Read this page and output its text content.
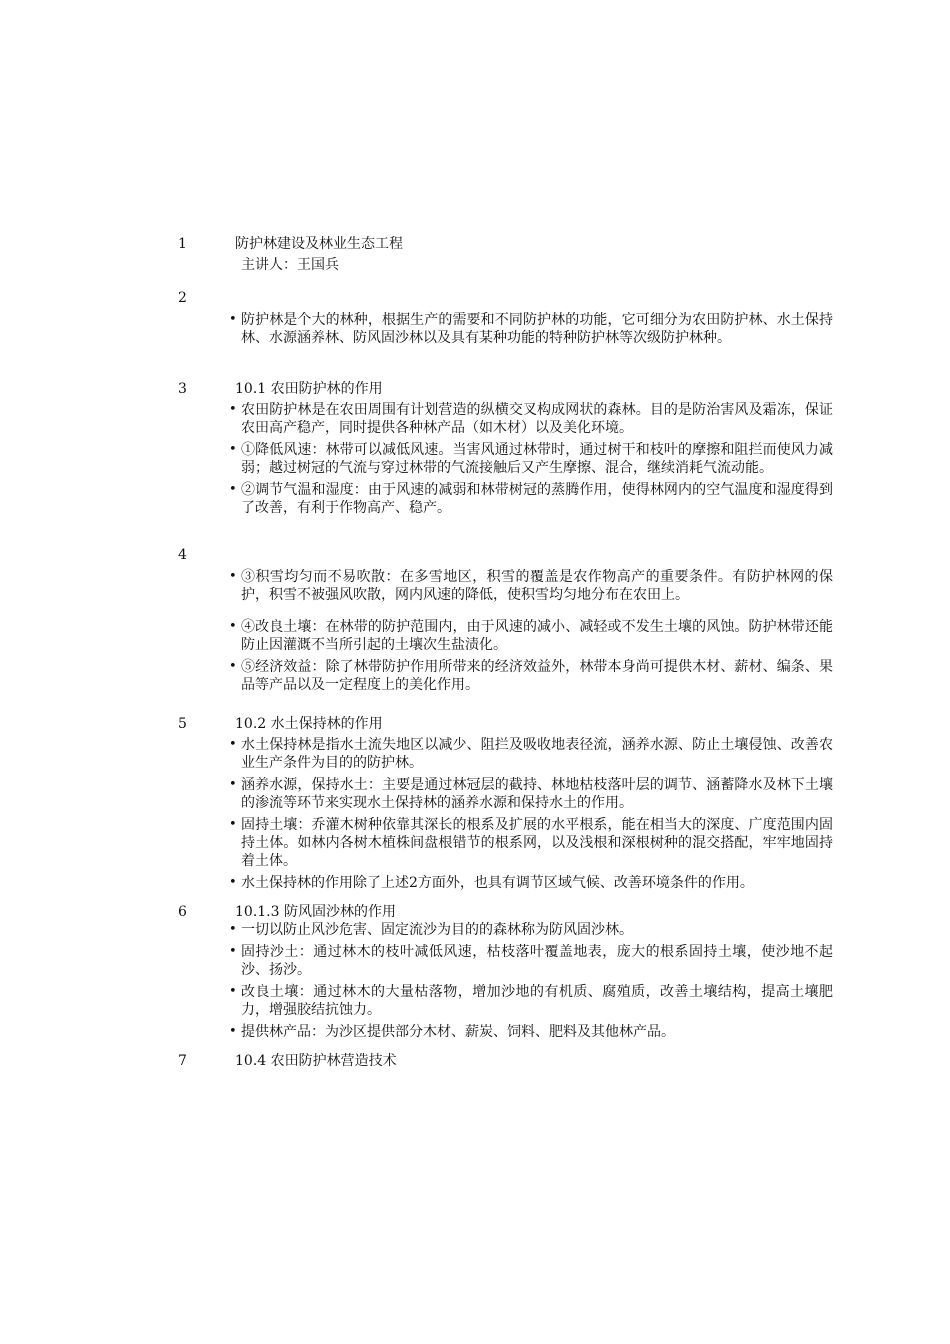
1	防护林建设及林业生态工程
主讲人：王国兵
2
• 防护林是个大的林种，根据生产的需要和不同防护林的功能，它可细分为农田防护林、水土保持林、水源涵养林、防风固沙林以及具有某种功能的特种防护林等次级防护林种。
3	10.1 农田防护林的作用
• 农田防护林是在农田周围有计划营造的纵横交叉构成网状的森林。目的是防治害风及霜冻，保证农田高产稳产，同时提供各种林产品（如木材）以及美化环境。
• ①降低风速：林带可以减低风速。当害风通过林带时，通过树干和枝叶的摩擦和阻拦而使风力减弱；越过树冠的气流与穿过林带的气流接触后又产生摩擦、混合，继续消耗气流动能。
• ②调节气温和湿度：由于风速的减弱和林带树冠的蒸腾作用，使得林网内的空气温度和湿度得到了改善，有利于作物高产、稳产。
4
• ③积雪均匀而不易吹散：在多雪地区，积雪的覆盖是农作物高产的重要条件。有防护林网的保护，积雪不被强风吹散，网内风速的降低，使积雪均匀地分布在农田上。
• ④改良土壤：在林带的防护范围内，由于风速的减小、减轻或不发生土壤的风蚀。防护林带还能防止因灌溉不当所引起的土壤次生盐渍化。
• ⑤经济效益：除了林带防护作用所带来的经济效益外，林带本身尚可提供木材、薪材、编条、果品等产品以及一定程度上的美化作用。
5	10.2 水土保持林的作用
• 水土保持林是指水土流失地区以减少、阻拦及吸收地表径流，涵养水源、防止土壤侵蚀、改善农业生产条件为目的的防护林。
• 涵养水源，保持水土：主要是通过林冠层的截持、林地枯枝落叶层的调节、涵蓄降水及林下土壤的渗流等环节来实现水土保持林的涵养水源和保持水土的作用。
• 固持土壤：乔灌木树种依靠其深长的根系及扩展的水平根系，能在相当大的深度、广度范围内固持土体。如林内各树木植株间盘根错节的根系网，以及浅根和深根树种的混交搭配，牢牢地固持着土体。
• 水土保持林的作用除了上述2方面外，也具有调节区域气候、改善环境条件的作用。
6	10.1.3 防风固沙林的作用
• 一切以防止风沙危害、固定流沙为目的的森林称为防风固沙林。
• 固持沙土：通过林木的枝叶减低风速，枯枝落叶覆盖地表，庞大的根系固持土壤，使沙地不起沙、扬沙。
• 改良土壤：通过林木的大量枯落物，增加沙地的有机质、腐殖质，改善土壤结构，提高土壤肥力，增强胶结抗蚀力。
• 提供林产品：为沙区提供部分木材、薪炭、饲料、肥料及其他林产品。
7	10.4 农田防护林营造技术
